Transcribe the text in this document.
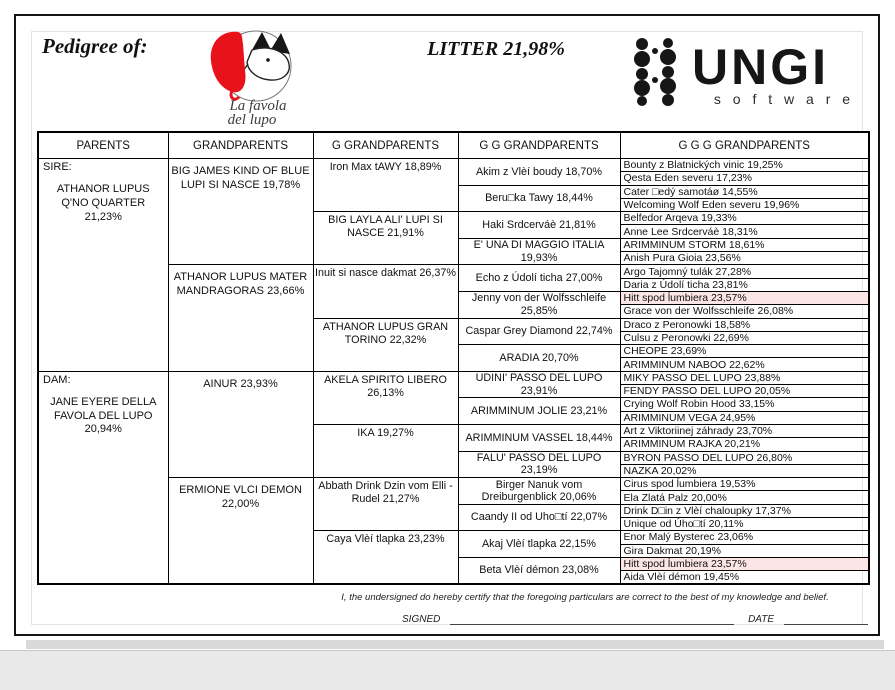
Pedigree of:
La favola
del lupo
LITTER 21,98%	UNGI
s o f t w a r e
PARENTS	GRANDPARENTS	G GRANDPARENTS	G G GRANDPARENTS	G G G GRANDPARENTS

SIRE:
ATHANOR LUPUS Q'NO QUARTER 21,23%	BIG JAMES KIND OF BLUE LUPI SI NASCE 19,78%	Iron Max tAWY 18,89%	Akim z Vlèí boudy 18,70%	Bounty z Blatnických vinic 19,25%
				Qesta Eden severu 17,23%
			Beru□ka Tawy 18,44%	Cater □edý samotáø 14,55%
				Welcoming Wolf Eden severu 19,96%
		BIG LAYLA ALI' LUPI SI NASCE 21,91%	Haki Srdcerváè 21,81%	Belfedor Arqeva 19,33%
				Anne Lee Srdcerváè 18,31%
			E' UNA DI MAGGIO ITALIA 19,93%	ARIMMINUM STORM 18,61%
				Anish Pura Gioia 23,56%
	ATHANOR LUPUS MATER MANDRAGORAS 23,66%	Inuit si nasce dakmat 26,37%	Echo z Údolí ticha 27,00%	Argo Tajomný tulák 27,28%
				Daria z Údolí ticha 23,81%
			Jenny von der Wolfsschleife 25,85%	Hitt spod ĺumbiera 23,57%
				Grace von der Wolfsschleife 26,08%
		ATHANOR LUPUS GRAN TORINO 22,32%	Caspar Grey Diamond 22,74%	Draco z Peronowki 18,58%
				Culsu z Peronowki 22,69%
			ARADIA 20,70%	CHEOPE 23,69%
				ARIMMINUM NABOO 22,62%

DAM:
JANE EYERE DELLA FAVOLA DEL LUPO 20,94%	AINUR 23,93%	AKELA SPIRITO LIBERO 26,13%	UDINI' PASSO DEL LUPO 23,91%	MIKY PASSO DEL LUPO 23,88%
				FENDY PASSO DEL LUPO 20,05%
			ARIMMINUM JOLIE 23,21%	Crying Wolf Robin Hood 33,15%
				ARIMMINUM VEGA 24,95%
		IKA 19,27%	ARIMMINUM VASSEL 18,44%	Art z Viktoriinej záhrady 23,70%
				ARIMMINUM RAJKA 20,21%
			FALU' PASSO DEL LUPO 23,19%	BYRON PASSO DEL LUPO 26,80%
				NAZKA 20,02%
	ERMIONE VLCI DEMON 22,00%	Abbath Drink Dzin vom Elli -Rudel 21,27%	Birger Nanuk vom Dreiburgenblick 20,06%	Cirus spod ĺumbiera 19,53%
				Ela Zlatá Palz 20,00%
			Caandy II od Uho□tí 22,07%	Drink D□in z Vlèí chaloupky 17,37%
				Unique od Úho□tí 20,11%
		Caya Vlèí tlapka 23,23%	Akaj Vlèí tlapka 22,15%	Enor Malý Bysterec 23,06%
				Gira Dakmat 20,19%
			Beta Vlèí démon 23,08%	Hitt spod ĺumbiera 23,57%
				Aida Vlèí démon 19,45%
I, the undersigned do hereby certify that the foregoing particulars are correct to the best of my knowledge and belief.
SIGNED	DATE
